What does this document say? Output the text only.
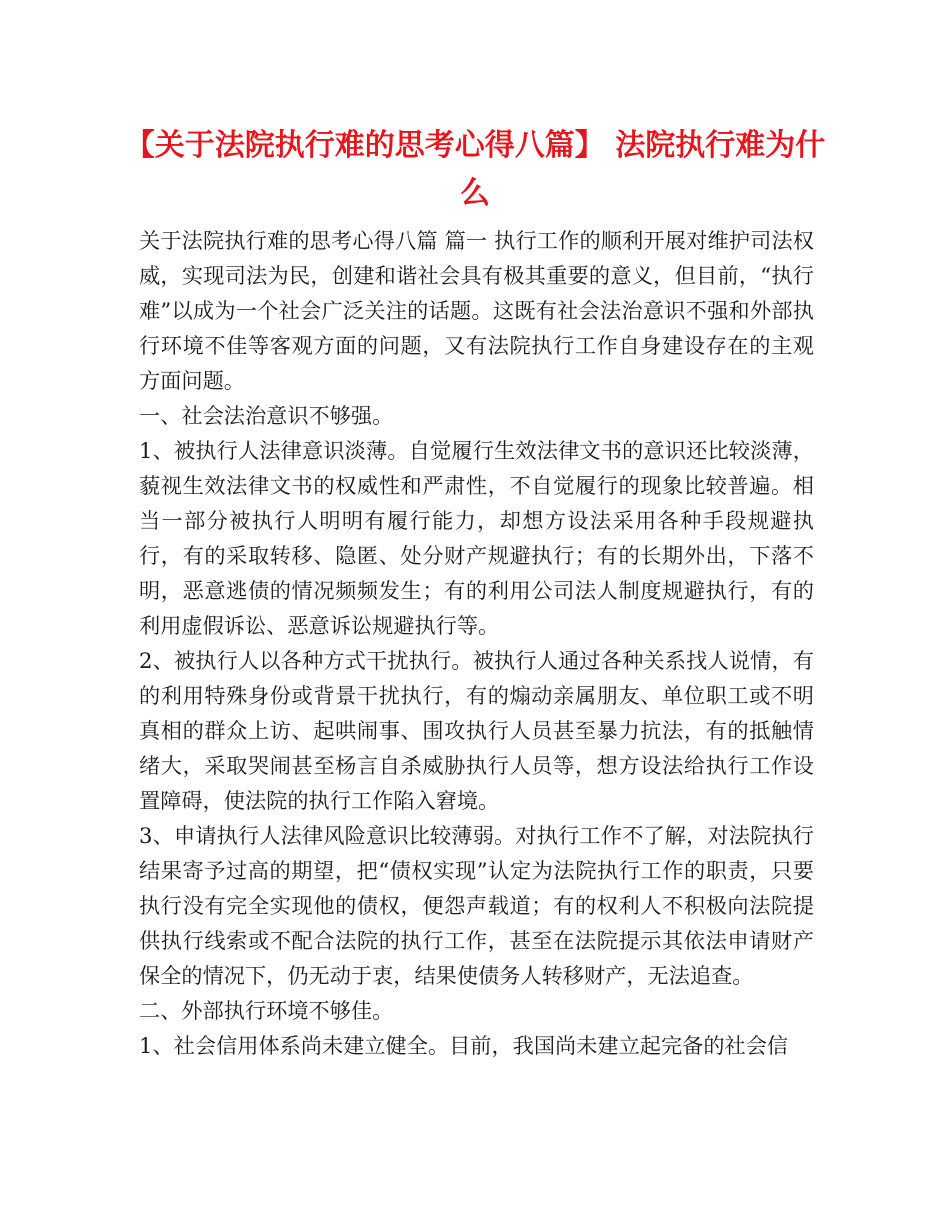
【关于法院执行难的思考心得八篇】 法院执行难为什么

关于法院执行难的思考心得八篇 篇一 执行工作的顺利开展对维护司法权威，实现司法为民，创建和谐社会具有极其重要的意义，但目前，“执行难”以成为一个社会广泛关注的话题。这既有社会法治意识不强和外部执行环境不佳等客观方面的问题，又有法院执行工作自身建设存在的主观方面问题。

一、社会法治意识不够强。

1、被执行人法律意识淡薄。自觉履行生效法律文书的意识还比较淡薄，藐视生效法律文书的权威性和严肃性，不自觉履行的现象比较普遍。相当一部分被执行人明明有履行能力，却想方设法采用各种手段规避执行，有的采取转移、隐匿、处分财产规避执行；有的长期外出，下落不明，恶意逃债的情况频频发生；有的利用公司法人制度规避执行，有的利用虚假诉讼、恶意诉讼规避执行等。

2、被执行人以各种方式干扰执行。被执行人通过各种关系找人说情，有的利用特殊身份或背景干扰执行，有的煽动亲属朋友、单位职工或不明真相的群众上访、起哄闹事、围攻执行人员甚至暴力抗法，有的抵触情绪大，采取哭闹甚至杨言自杀威胁执行人员等，想方设法给执行工作设置障碍，使法院的执行工作陷入窘境。

3、申请执行人法律风险意识比较薄弱。对执行工作不了解，对法院执行结果寄予过高的期望，把“债权实现”认定为法院执行工作的职责，只要执行没有完全实现他的债权，便怨声载道；有的权利人不积极向法院提供执行线索或不配合法院的执行工作，甚至在法院提示其依法申请财产保全的情况下，仍无动于衷，结果使债务人转移财产，无法追查。

二、外部执行环境不够佳。

1、社会信用体系尚未建立健全。目前，我国尚未建立起完备的社会信
